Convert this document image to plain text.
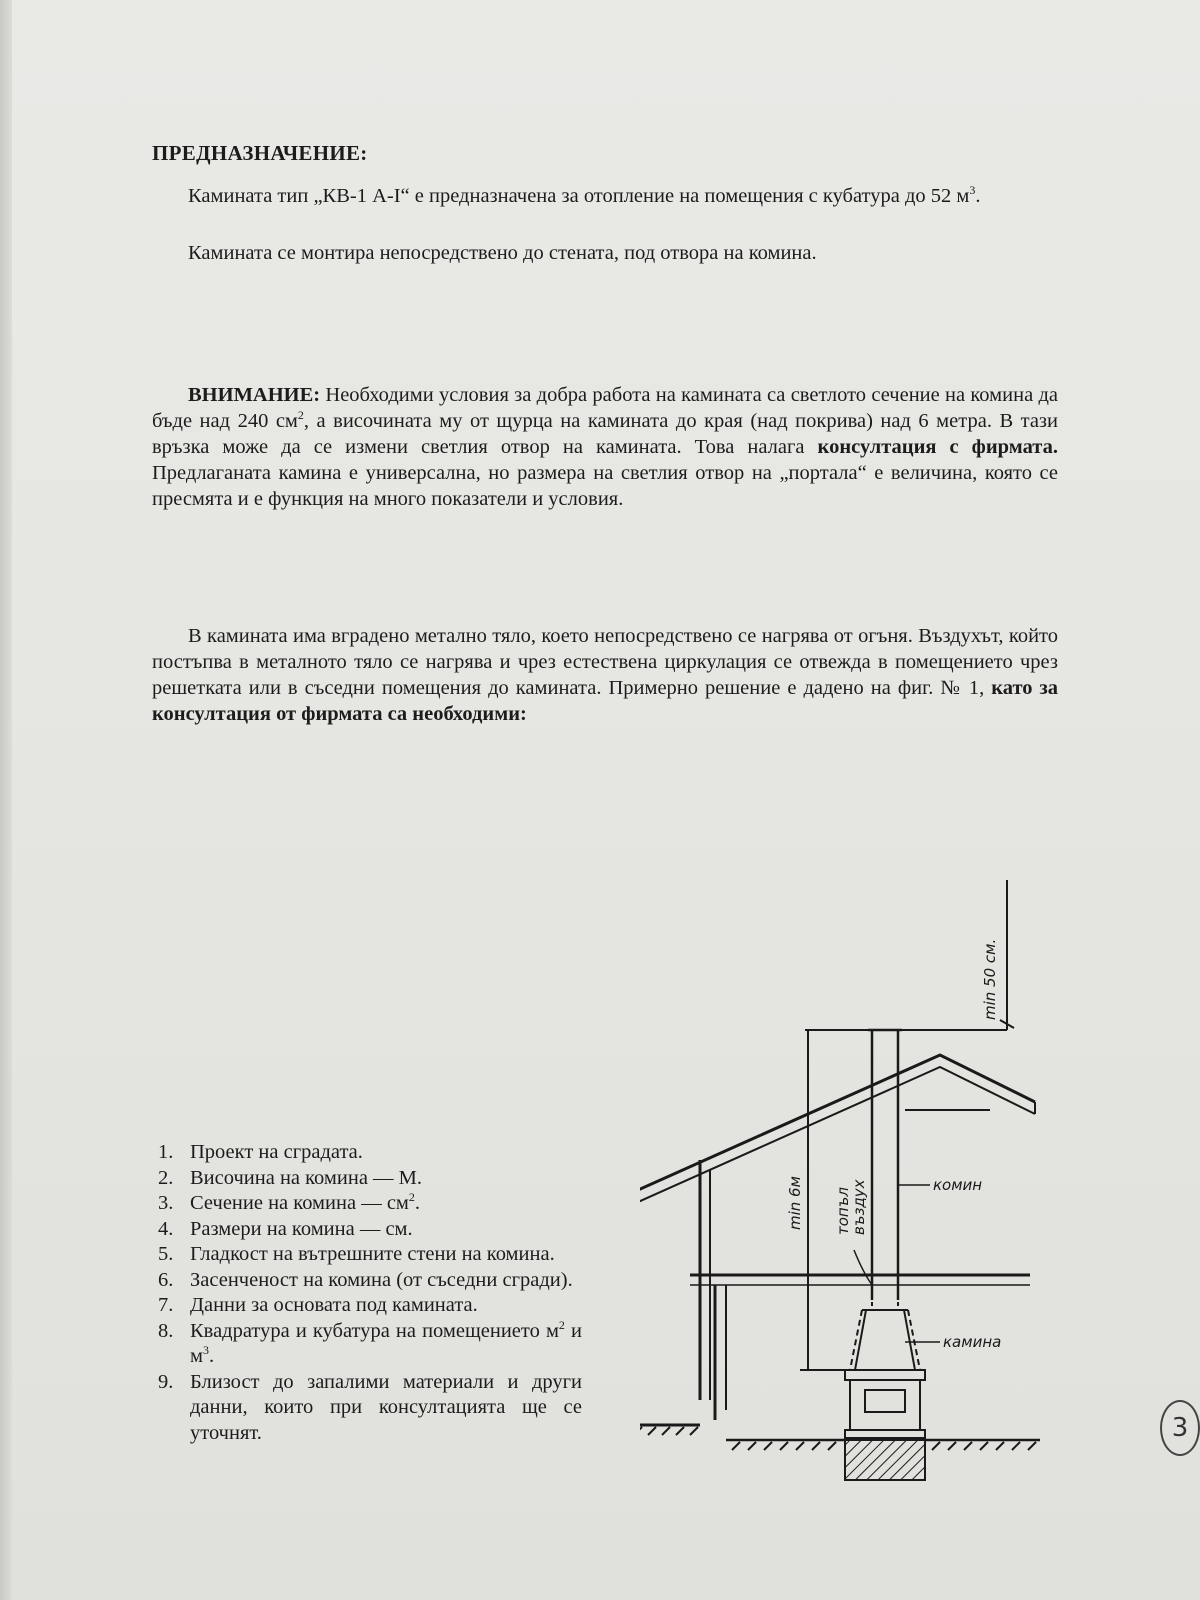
ПРЕДНАЗНАЧЕНИЕ:

Камината тип „КВ-1 А-І“ е предназначена за отопление на помещения с кубатура до 52 $м^3$.

Камината се монтира непосредствено до стената, под отвора на комина.

ВНИМАНИЕ: Необходими условия за добра работа на камината са светлото сечение на комина да бъде над 240 $см^2$, а височината му от щурца на камината до края (над покрива) над 6 метра. В тази връзка може да се измени светлия отвор на камината. Това налага консултация с фирмата. Предлаганата камина е универсална, но размера на светлия отвор на „портала“ е величина, която се пресмята и е функция на много показатели и условия.

В камината има вградено метално тяло, което непосредствено се нагрява от огъня. Въздухът, който постъпва в металното тяло се нагрява и чрез естествена циркулация се отвежда в помещението чрез решетката или в съседни помещения до камината. Примерно решение е дадено на фиг. № 1, като за консултация от фирмата са необходими:

1. Проект на сградата.
2. Височина на комина — М.
3. Сечение на комина — $см^2$.
4. Размери на комина — см.
5. Гладкост на вътрешните стени на комина.
6. Засенченост на комина (от съседни сгради).
7. Данни за основата под камината.
8. Квадратура и кубатура на помещението $м^2$ и $м^3$.
9. Близост до запалими материали и други данни, които при консултацията ще се уточнят.
min 50 см.
min 6м топъл
въздух	комин
камина
3
